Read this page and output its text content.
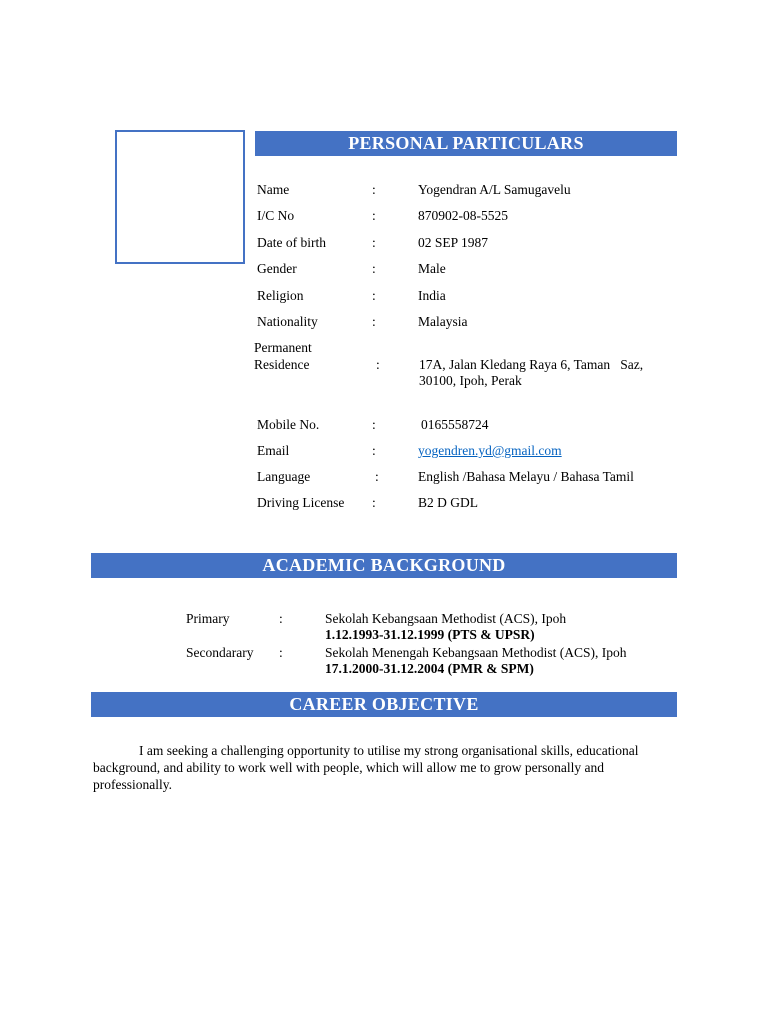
PERSONAL PARTICULARS
Name	:	Yogendran A/L Samugavelu
I/C No	:	870902-08-5525
Date of birth	:	02 SEP 1987
Gender	:	Male
Religion	:	India
Nationality	:	Malaysia
Permanent
Residence	:	17A, Jalan Kledang Raya 6, Taman   Saz,
30100, Ipoh, Perak
Mobile No.	:	0165558724
Email	:	yogendren.yd@gmail.com
Language	:	English /Bahasa Melayu / Bahasa Tamil
Driving License :	B2 D GDL
ACADEMIC BACKGROUND
Primary	:	Sekolah Kebangsaan Methodist (ACS), Ipoh
1.12.1993-31.12.1999 (PTS & UPSR)
Secondarary :	Sekolah Menengah Kebangsaan Methodist (ACS), Ipoh
17.1.2000-31.12.2004 (PMR & SPM)
CAREER OBJECTIVE
I am seeking a challenging opportunity to utilise my strong organisational skills, educational background, and ability to work well with people, which will allow me to grow personally and professionally.
